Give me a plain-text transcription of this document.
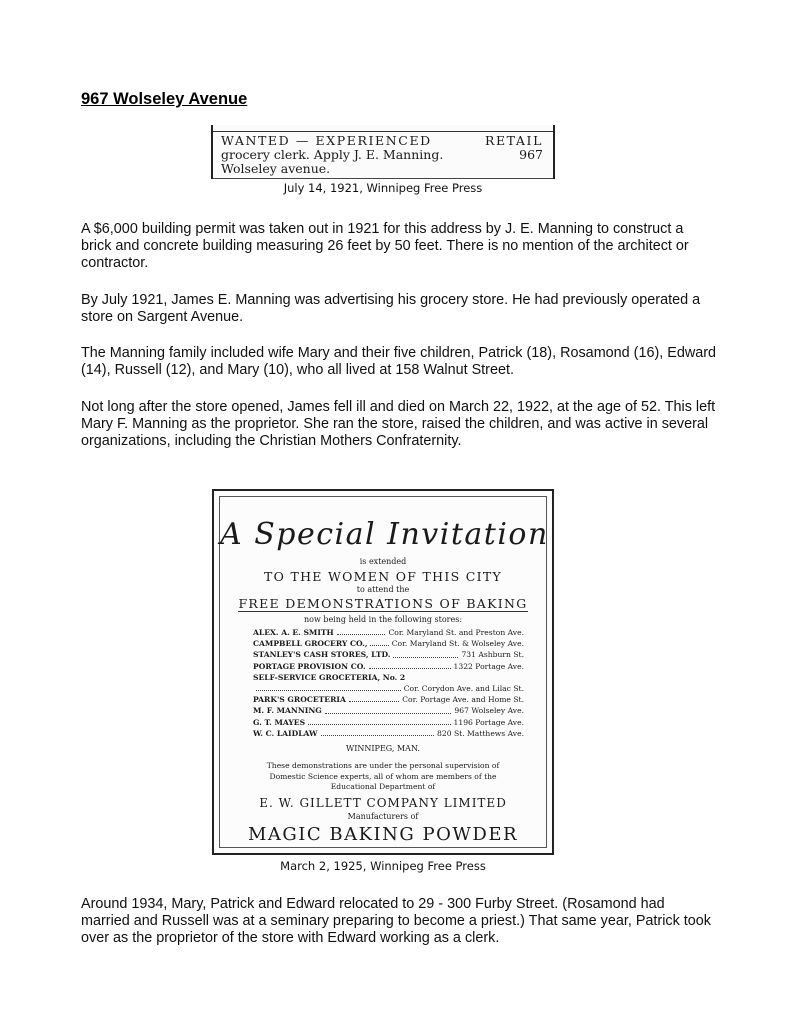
967 Wolseley Avenue
WANTED — EXPERIENCED	RETAIL
grocery clerk. Apply J. E. Manning.	967
Wolseley avenue.
July 14, 1921, Winnipeg Free Press

A $6,000 building permit was taken out in 1921 for this address by J. E. Manning to construct a brick and concrete building measuring 26 feet by 50 feet. There is no mention of the architect or contractor.

By July 1921, James E. Manning was advertising his grocery store. He had previously operated a store on Sargent Avenue.

The Manning family included wife Mary and their five children, Patrick (18), Rosamond (16), Edward (14), Russell (12), and Mary (10), who all lived at 158 Walnut Street.

Not long after the store opened, James fell ill and died on March 22, 1922, at the age of 52. This left Mary F. Manning as the proprietor. She ran the store, raised the children, and was active in several organizations, including the Christian Mothers Confraternity.

A Special Invitation
is extended
TO THE WOMEN OF THIS CITY
to attend the
FREE DEMONSTRATIONS OF BAKING
now being held in the following stores:
ALEX. A. E. SMITH	Cor. Maryland St. and Preston Ave.
CAMPBELL GROCERY CO.,	Cor. Maryland St. & Wolseley Ave.
STANLEY'S CASH STORES, LTD.	731 Ashburn St.
PORTAGE PROVISION CO.	1322 Portage Ave.
SELF-SERVICE GROCETERIA, No. 2
Cor. Corydon Ave. and Lilac St.
PARK'S GROCETERIA	Cor. Portage Ave. and Home St.
M. F. MANNING	967 Wolseley Ave.
G. T. MAYES	1196 Portage Ave.
W. C. LAIDLAW	820 St. Matthews Ave.
WINNIPEG, MAN.
These demonstrations are under the personal supervision of Domestic Science experts, all of whom are members of the Educational Department of
E. W. GILLETT COMPANY LIMITED
Manufacturers of
MAGIC BAKING POWDER
March 2, 1925, Winnipeg Free Press

Around 1934, Mary, Patrick and Edward relocated to 29 - 300 Furby Street. (Rosamond had married and Russell was at a seminary preparing to become a priest.) That same year, Patrick took over as the proprietor of the store with Edward working as a clerk.
